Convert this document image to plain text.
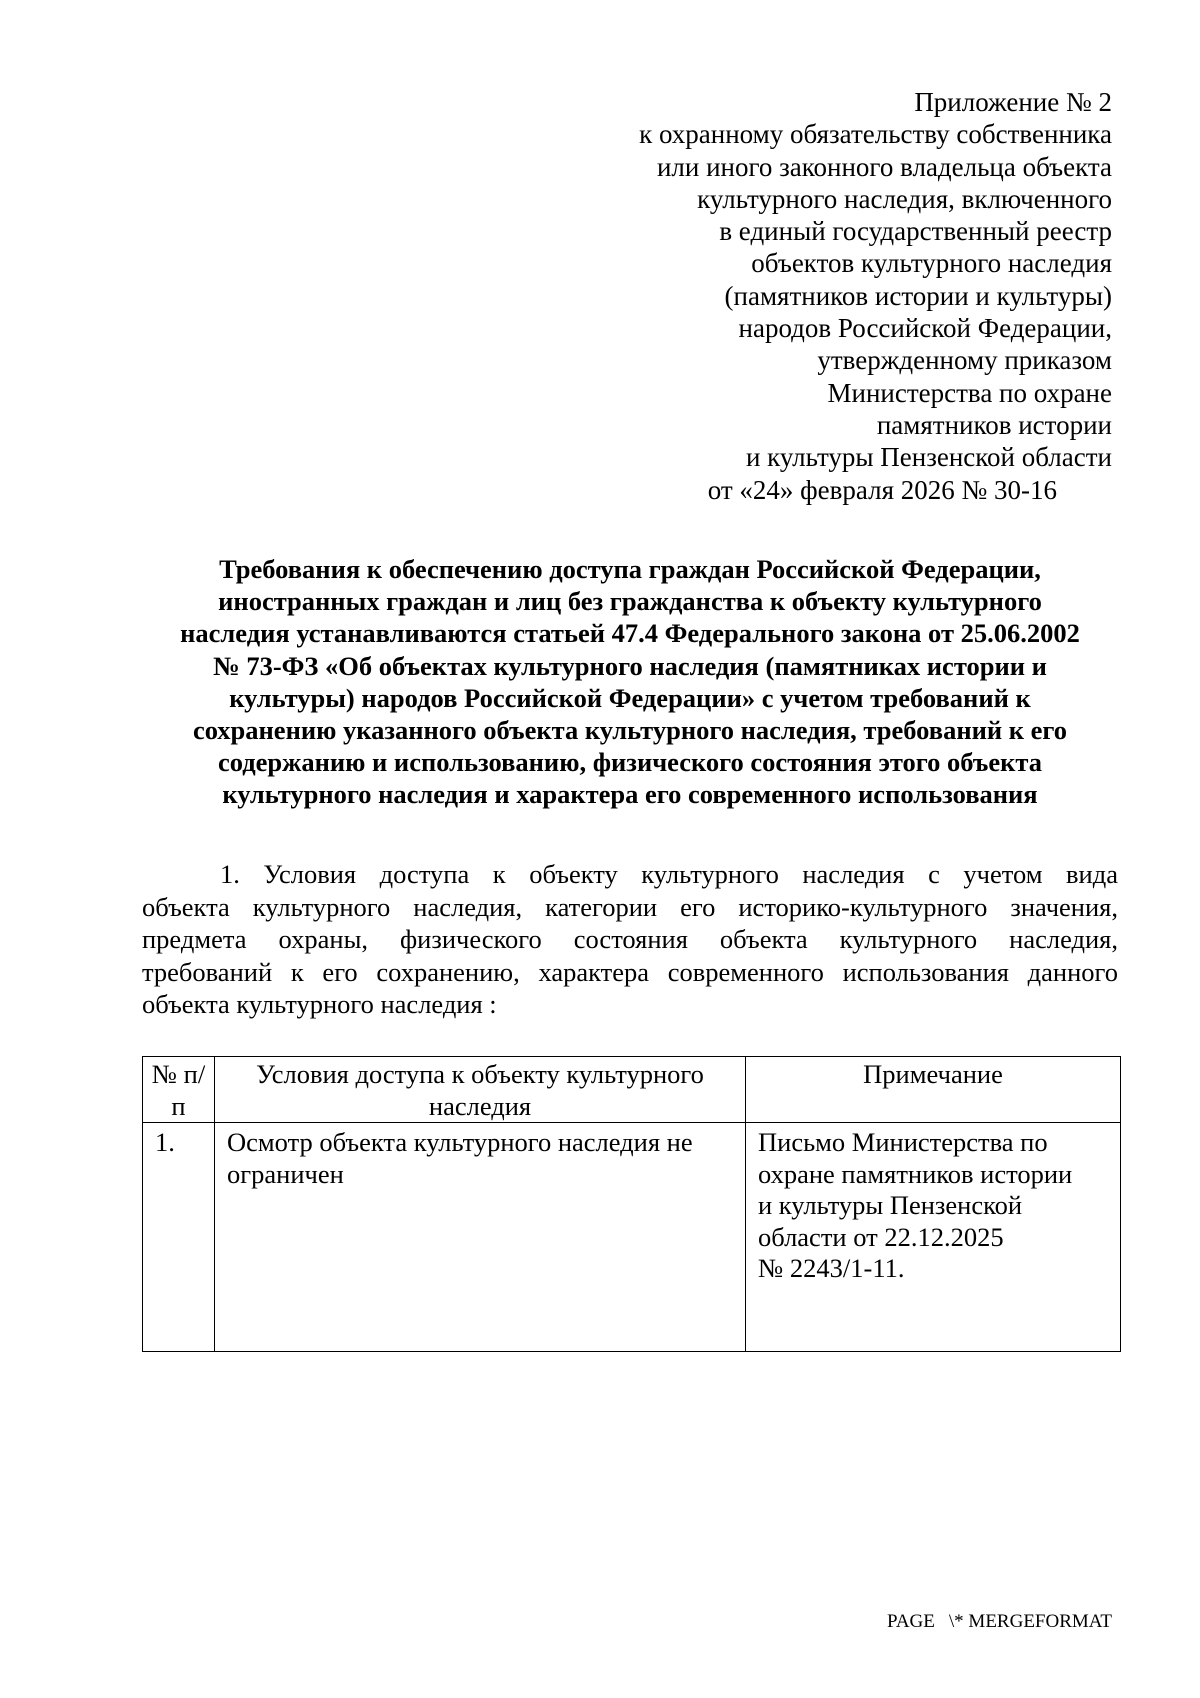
Приложение № 2
к охранному обязательству собственника
или иного законного владельца объекта
культурного наследия, включенного
в единый государственный реестр
объектов культурного наследия
(памятников истории и культуры)
народов Российской Федерации,
утвержденному приказом
Министерства по охране
памятников истории
и культуры Пензенской области
от «24» февраля 2026 № 30-16
Требования к обеспечению доступа граждан Российской Федерации,
иностранных граждан и лиц без гражданства к объекту культурного
наследия устанавливаются статьей 47.4 Федерального закона от 25.06.2002
№ 73-ФЗ «Об объектах культурного наследия (памятниках истории и
культуры) народов Российской Федерации» с учетом требований к
сохранению указанного объекта культурного наследия, требований к его
содержанию и использованию, физического состояния этого объекта
культурного наследия и характера его современного использования
1. Условия доступа к объекту культурного наследия с учетом вида
объекта культурного наследия, категории его историко-культурного значения,
предмета охраны, физического состояния объекта культурного наследия,
требований к его сохранению, характера современного использования данного
объекта культурного наследия :
№ п/п	Условия доступа к объекту культурного наследия	Примечание
1.	Осмотр объекта культурного наследия не ограничен	Письмо Министерства по
охране памятников истории
и культуры Пензенской
области от 22.12.2025
№ 2243/1-11.
PAGE \* MERGEFORMAT
